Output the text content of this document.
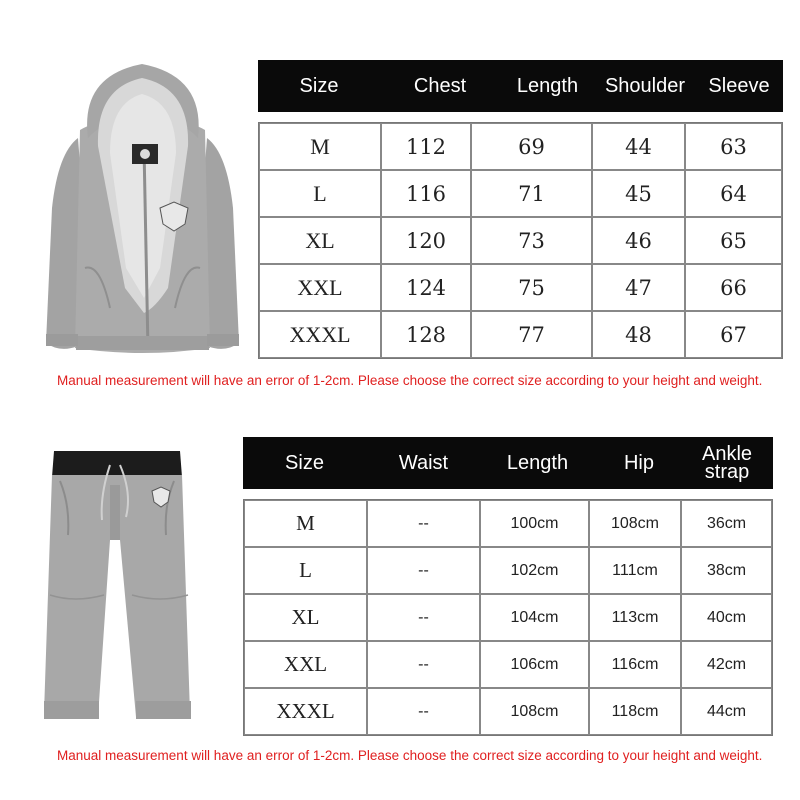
Size	Chest	Length	Shoulder	Sleeve
M	112	69	44	63
L	116	71	45	64
XL	120	73	46	65
XXL	124	75	47	66
XXXL	128	77	48	67
Manual measurement will have an error of 1-2cm. Please choose the correct size according to your height and weight.
Size	Waist	Length	Hip	Ankle strap
M	--	100cm	108cm	36cm
L	--	102cm	111cm	38cm
XL	--	104cm	113cm	40cm
XXL	--	106cm	116cm	42cm
XXXL	--	108cm	118cm	44cm
Manual measurement will have an error of 1-2cm. Please choose the correct size according to your height and weight.
